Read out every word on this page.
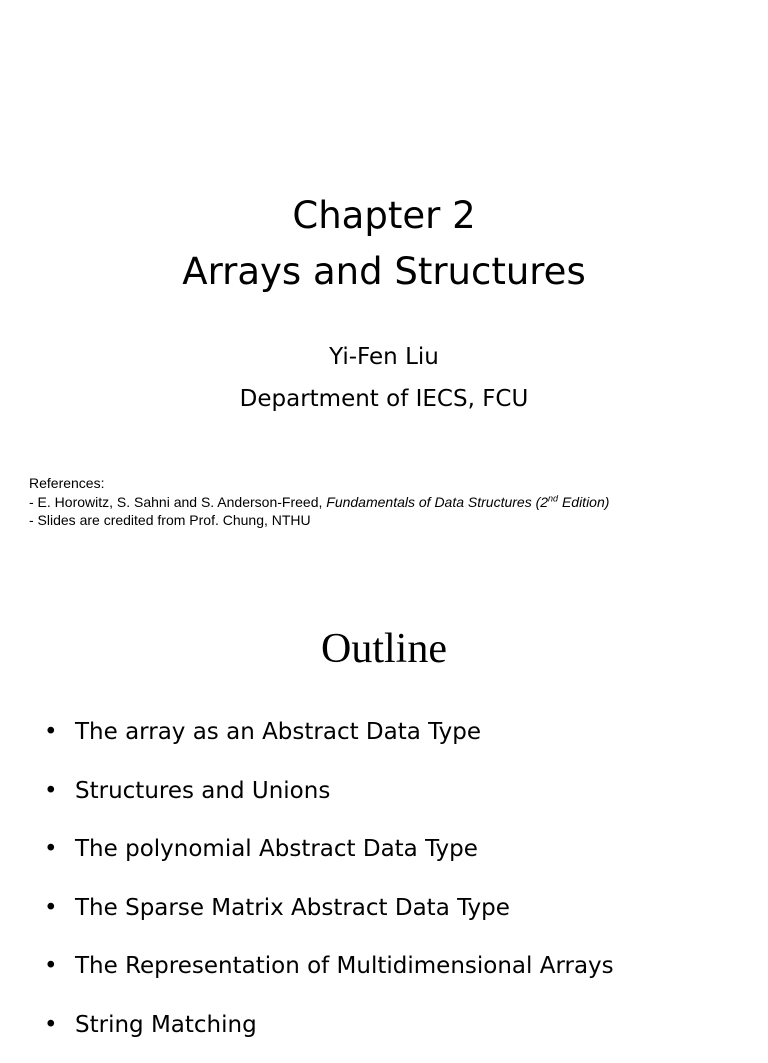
Chapter 2
Arrays and Structures
Yi-Fen Liu
Department of IECS, FCU
References:
- E. Horowitz, S. Sahni and S. Anderson-Freed, Fundamentals of Data Structures (2nd Edition)
- Slides are credited from Prof. Chung, NTHU
Outline
• The array as an Abstract Data Type
• Structures and Unions
• The polynomial Abstract Data Type
• The Sparse Matrix Abstract Data Type
• The Representation of Multidimensional Arrays
• String Matching
